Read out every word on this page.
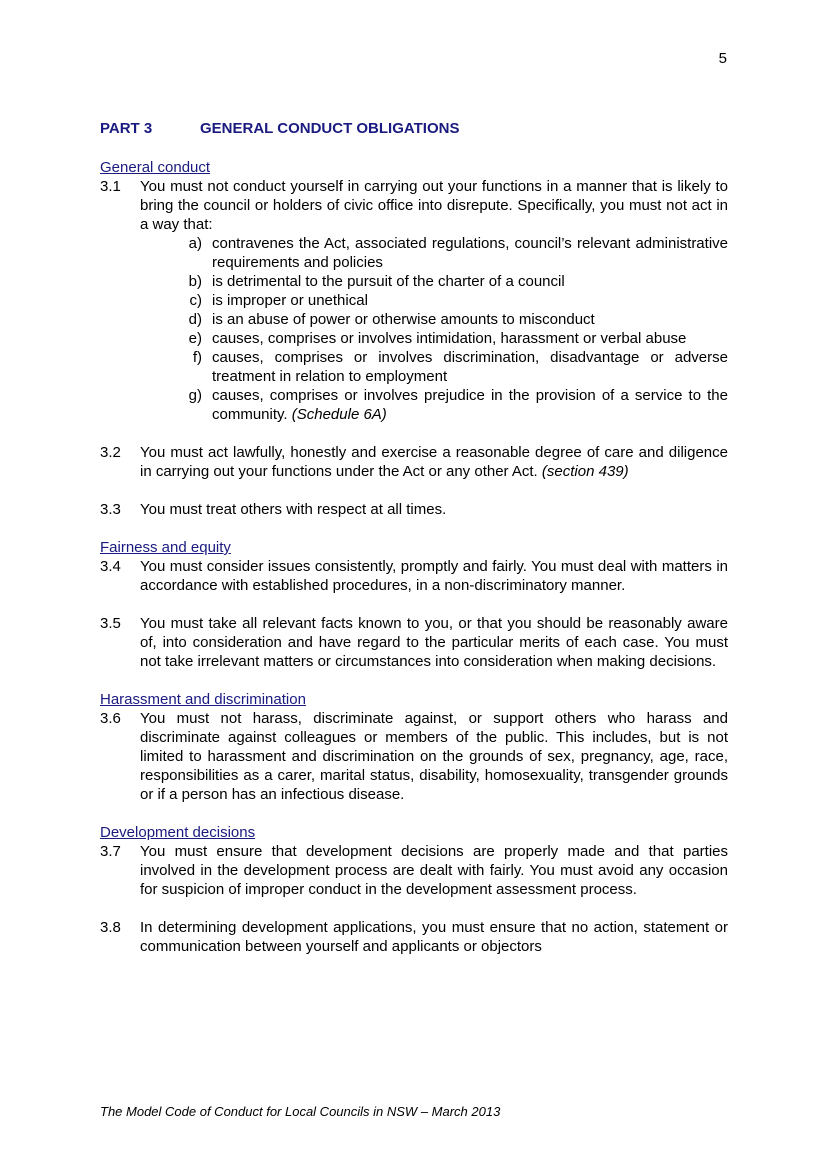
5
PART 3	GENERAL CONDUCT OBLIGATIONS
General conduct
3.1	You must not conduct yourself in carrying out your functions in a manner that is likely to bring the council or holders of civic office into disrepute. Specifically, you must not act in a way that:
a) contravenes the Act, associated regulations, council’s relevant administrative requirements and policies
b) is detrimental to the pursuit of the charter of a council
c) is improper or unethical
d) is an abuse of power or otherwise amounts to misconduct
e) causes, comprises or involves intimidation, harassment or verbal abuse
f) causes, comprises or involves discrimination, disadvantage or adverse treatment in relation to employment
g) causes, comprises or involves prejudice in the provision of a service to the community. (Schedule 6A)
3.2	You must act lawfully, honestly and exercise a reasonable degree of care and diligence in carrying out your functions under the Act or any other Act. (section 439)
3.3	You must treat others with respect at all times.
Fairness and equity
3.4	You must consider issues consistently, promptly and fairly. You must deal with matters in accordance with established procedures, in a non-discriminatory manner.
3.5	You must take all relevant facts known to you, or that you should be reasonably aware of, into consideration and have regard to the particular merits of each case. You must not take irrelevant matters or circumstances into consideration when making decisions.
Harassment and discrimination
3.6	You must not harass, discriminate against, or support others who harass and discriminate against colleagues or members of the public. This includes, but is not limited to harassment and discrimination on the grounds of sex, pregnancy, age, race, responsibilities as a carer, marital status, disability, homosexuality, transgender grounds or if a person has an infectious disease.
Development decisions
3.7	You must ensure that development decisions are properly made and that parties involved in the development process are dealt with fairly. You must avoid any occasion for suspicion of improper conduct in the development assessment process.
3.8	In determining development applications, you must ensure that no action, statement or communication between yourself and applicants or objectors
The Model Code of Conduct for Local Councils in NSW – March 2013
